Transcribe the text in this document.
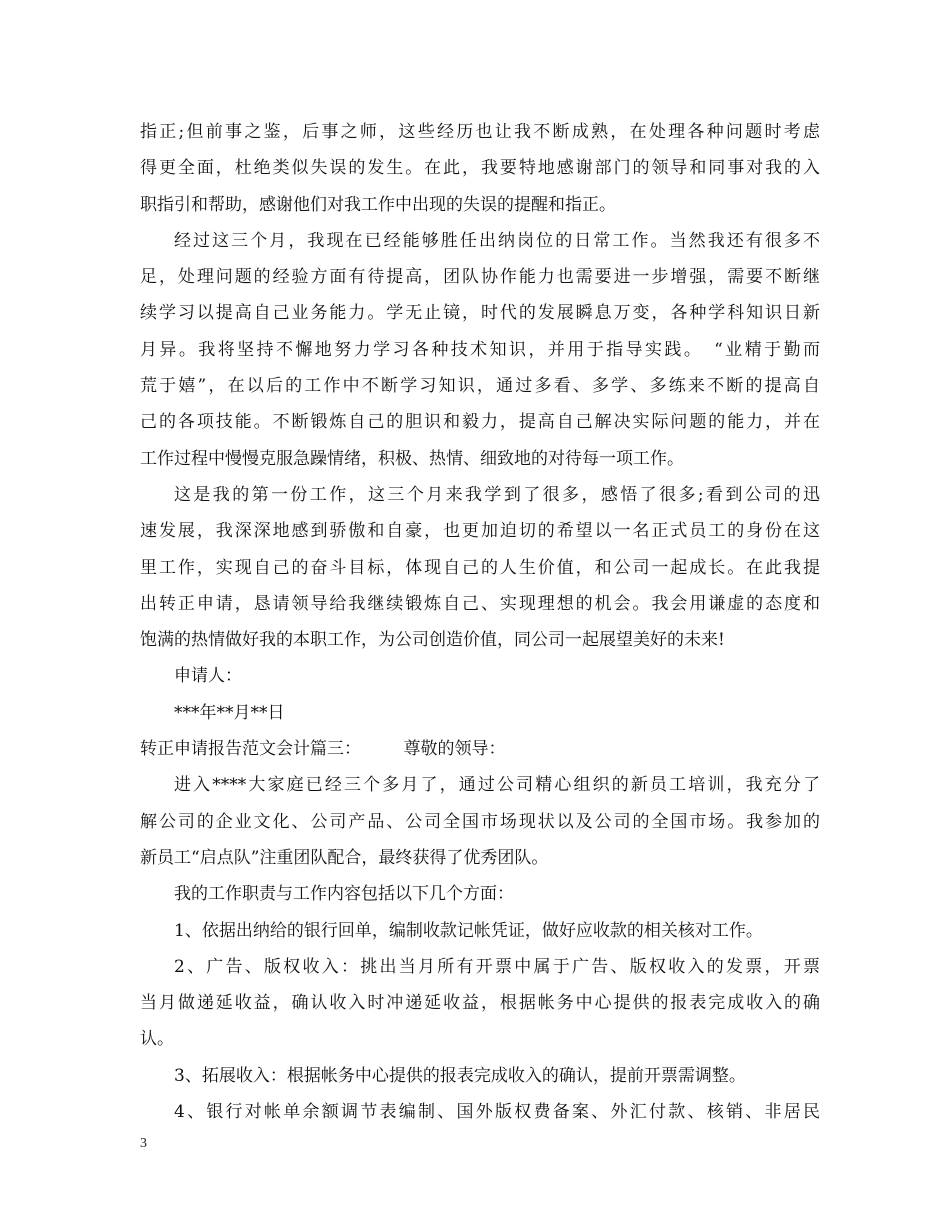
指正;但前事之鉴，后事之师，这些经历也让我不断成熟，在处理各种问题时考虑
得更全面，杜绝类似失误的发生。在此，我要特地感谢部门的领导和同事对我的入
职指引和帮助，感谢他们对我工作中出现的失误的提醒和指正。
经过这三个月，我现在已经能够胜任出纳岗位的日常工作。当然我还有很多不
足，处理问题的经验方面有待提高，团队协作能力也需要进一步增强，需要不断继
续学习以提高自己业务能力。学无止镜，时代的发展瞬息万变，各种学科知识日新
月异。我将坚持不懈地努力学习各种技术知识，并用于指导实践。　“业精于勤而
荒于嬉”，在以后的工作中不断学习知识，通过多看、多学、多练来不断的提高自
己的各项技能。不断锻炼自己的胆识和毅力，提高自己解决实际问题的能力，并在
工作过程中慢慢克服急躁情绪，积极、热情、细致地的对待每一项工作。
这是我的第一份工作，这三个月来我学到了很多，感悟了很多;看到公司的迅
速发展，我深深地感到骄傲和自豪，也更加迫切的希望以一名正式员工的身份在这
里工作，实现自己的奋斗目标，体现自己的人生价值，和公司一起成长。在此我提
出转正申请，恳请领导给我继续锻炼自己、实现理想的机会。我会用谦虚的态度和
饱满的热情做好我的本职工作，为公司创造价值，同公司一起展望美好的未来!
申请人：
***年**月**日
转正申请报告范文会计篇三：　　　尊敬的领导：
进入****大家庭已经三个多月了，通过公司精心组织的新员工培训，我充分了
解公司的企业文化、公司产品、公司全国市场现状以及公司的全国市场。我参加的
新员工“启点队”注重团队配合，最终获得了优秀团队。
我的工作职责与工作内容包括以下几个方面：
1、依据出纳给的银行回单，编制收款记帐凭证，做好应收款的相关核对工作。
2、广告、版权收入：挑出当月所有开票中属于广告、版权收入的发票，开票
当月做递延收益，确认收入时冲递延收益，根据帐务中心提供的报表完成收入的确
认。
3、拓展收入：根据帐务中心提供的报表完成收入的确认，提前开票需调整。
4、银行对帐单余额调节表编制、国外版权费备案、外汇付款、核销、非居民
3
